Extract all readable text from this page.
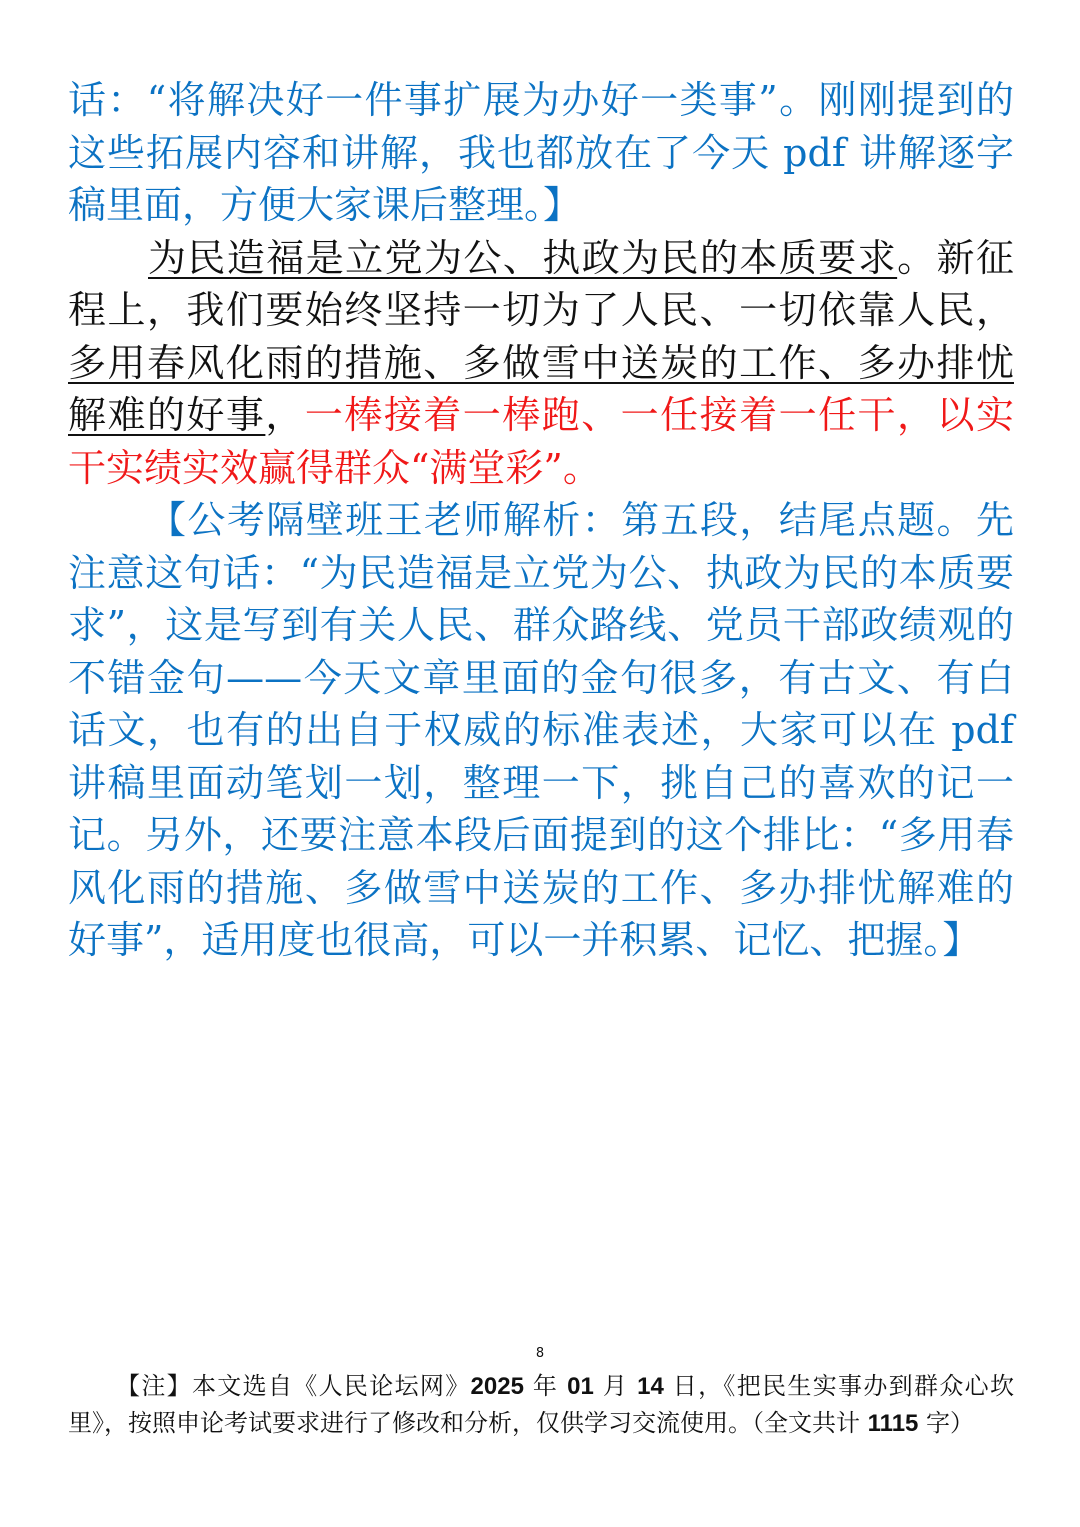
话：“将解决好一件事扩展为办好一类事”。刚刚提到的这些拓展内容和讲解，我也都放在了今天 pdf 讲解逐字稿里面，方便大家课后整理。】

为民造福是立党为公、执政为民的本质要求。新征程上，我们要始终坚持一切为了人民、一切依靠人民，多用春风化雨的措施、多做雪中送炭的工作、多办排忧解难的好事，一棒接着一棒跑、一任接着一任干，以实干实绩实效赢得群众“满堂彩”。

【公考隔壁班王老师解析：第五段，结尾点题。先注意这句话：“为民造福是立党为公、执政为民的本质要求”，这是写到有关人民、群众路线、党员干部政绩观的不错金句——今天文章里面的金句很多，有古文、有白话文，也有的出自于权威的标准表述，大家可以在 pdf 讲稿里面动笔划一划，整理一下，挑自己的喜欢的记一记。另外，还要注意本段后面提到的这个排比：“多用春风化雨的措施、多做雪中送炭的工作、多办排忧解难的好事”，适用度也很高，可以一并积累、记忆、把握。】

8
【注】本文选自《人民论坛网》2025 年 01 月 14 日，《把民生实事办到群众心坎里》，按照申论考试要求进行了修改和分析，仅供学习交流使用。（全文共计 1115 字）
